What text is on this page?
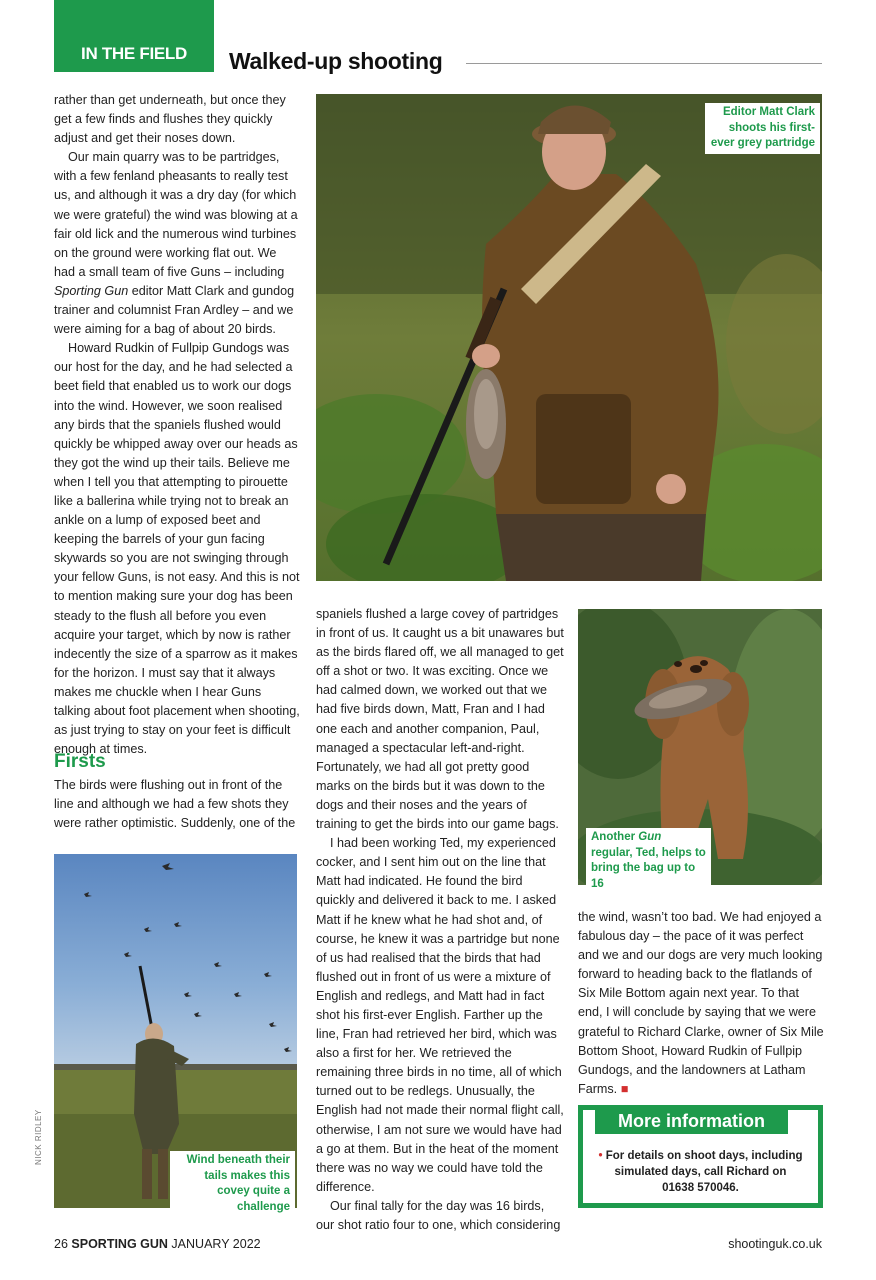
IN THE FIELD	Walked-up shooting

rather than get underneath, but once they get a few finds and flushes they quickly adjust and get their noses down.

Our main quarry was to be partridges, with a few fenland pheasants to really test us, and although it was a dry day (for which we were grateful) the wind was blowing at a fair old lick and the numerous wind turbines on the ground were working flat out. We had a small team of five Guns – including Sporting Gun editor Matt Clark and gundog trainer and columnist Fran Ardley – and we were aiming for a bag of about 20 birds.

Howard Rudkin of Fullpip Gundogs was our host for the day, and he had selected a beet field that enabled us to work our dogs into the wind. However, we soon realised any birds that the spaniels flushed would quickly be whipped away over our heads as they got the wind up their tails. Believe me when I tell you that attempting to pirouette like a ballerina while trying not to break an ankle on a lump of exposed beet and keeping the barrels of your gun facing skywards so you are not swinging through your fellow Guns, is not easy. And this is not to mention making sure your dog has been steady to the flush all before you even acquire your target, which by now is rather indecently the size of a sparrow as it makes for the horizon. I must say that it always makes me chuckle when I hear Guns talking about foot placement when shooting, as just trying to stay on your feet is difficult enough at times.

Firsts

The birds were flushing out in front of the line and although we had a few shots they were rather optimistic. Suddenly, one of the

spaniels flushed a large covey of partridges in front of us. It caught us a bit unawares but as the birds flared off, we all managed to get off a shot or two. It was exciting. Once we had calmed down, we worked out that we had five birds down, Matt, Fran and I had one each and another companion, Paul, managed a spectacular left-and-right. Fortunately, we had all got pretty good marks on the birds but it was down to the dogs and their noses and the years of training to get the birds into our game bags.

I had been working Ted, my experienced cocker, and I sent him out on the line that Matt had indicated. He found the bird quickly and delivered it back to me. I asked Matt if he knew what he had shot and, of course, he knew it was a partridge but none of us had realised that the birds that had flushed out in front of us were a mixture of English and redlegs, and Matt had in fact shot his first-ever English. Farther up the line, Fran had retrieved her bird, which was also a first for her. We retrieved the remaining three birds in no time, all of which turned out to be redlegs. Unusually, the English had not made their normal flight call, otherwise, I am not sure we would have had a go at them. But in the heat of the moment there was no way we could have told the difference.

Our final tally for the day was 16 birds, our shot ratio four to one, which considering

the wind, wasn’t too bad. We had enjoyed a fabulous day – the pace of it was perfect and we and our dogs are very much looking forward to heading back to the flatlands of Six Mile Bottom again next year. To that end, I will conclude by saying that we were grateful to Richard Clarke, owner of Six Mile Bottom Shoot, Howard Rudkin of Fullpip Gundogs, and the landowners at Latham Farms. ■

Editor Matt Clark shoots his first-ever grey partridge
Another Gun regular, Ted, helps to bring the bag up to 16
Wind beneath their tails makes this covey quite a challenge
NICK RIDLEY	More information
• For details on shoot days, including simulated days, call Richard on 01638 570046.
26 SPORTING GUN JANUARY 2022	shootinguk.co.uk
